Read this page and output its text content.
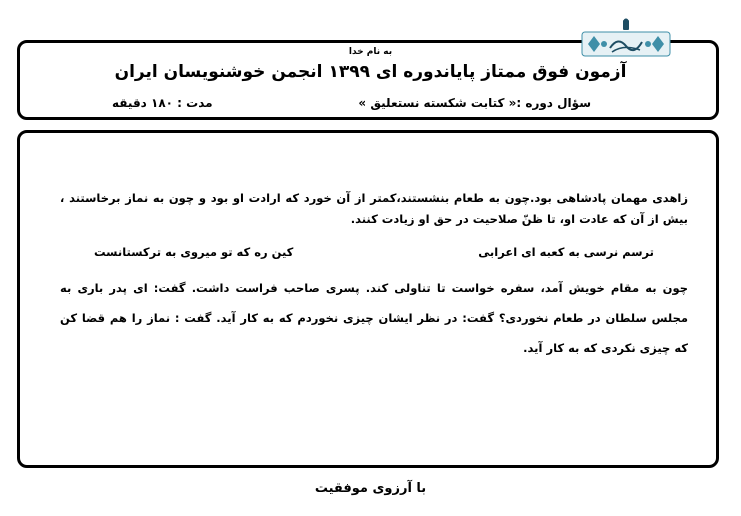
به نام خدا
آزمون فوق ممتاز پایاندوره ای ۱۳۹۹ انجمن خوشنویسان ایران
سؤال دوره :« کتابت شکسته نستعلیق »
مدت : ۱۸۰ دقیقه

زاهدی مهمان پادشاهی بود.چون به طعام بنشستند،کمتر از آن خورد که ارادت او بود و چون به نماز برخاستند ، بیش از آن که عادت او، تا ظنّ صلاحیت در حق او زیادت کنند.

ترسم نرسی به کعبه ای اعرابی
کین ره که تو میروی به ترکستانست

چون به مقام خویش آمد، سفره خواست تا تناولی کند. پسری صاحب فراست داشت. گفت: ای پدر باری به مجلس سلطان در طعام نخوردی؟ گفت: در نظر ایشان چیزی نخوردم که به کار آید. گفت : نماز را هم قضا کن که چیزی نکردی که به کار آید.

با آرزوی موفقیت
